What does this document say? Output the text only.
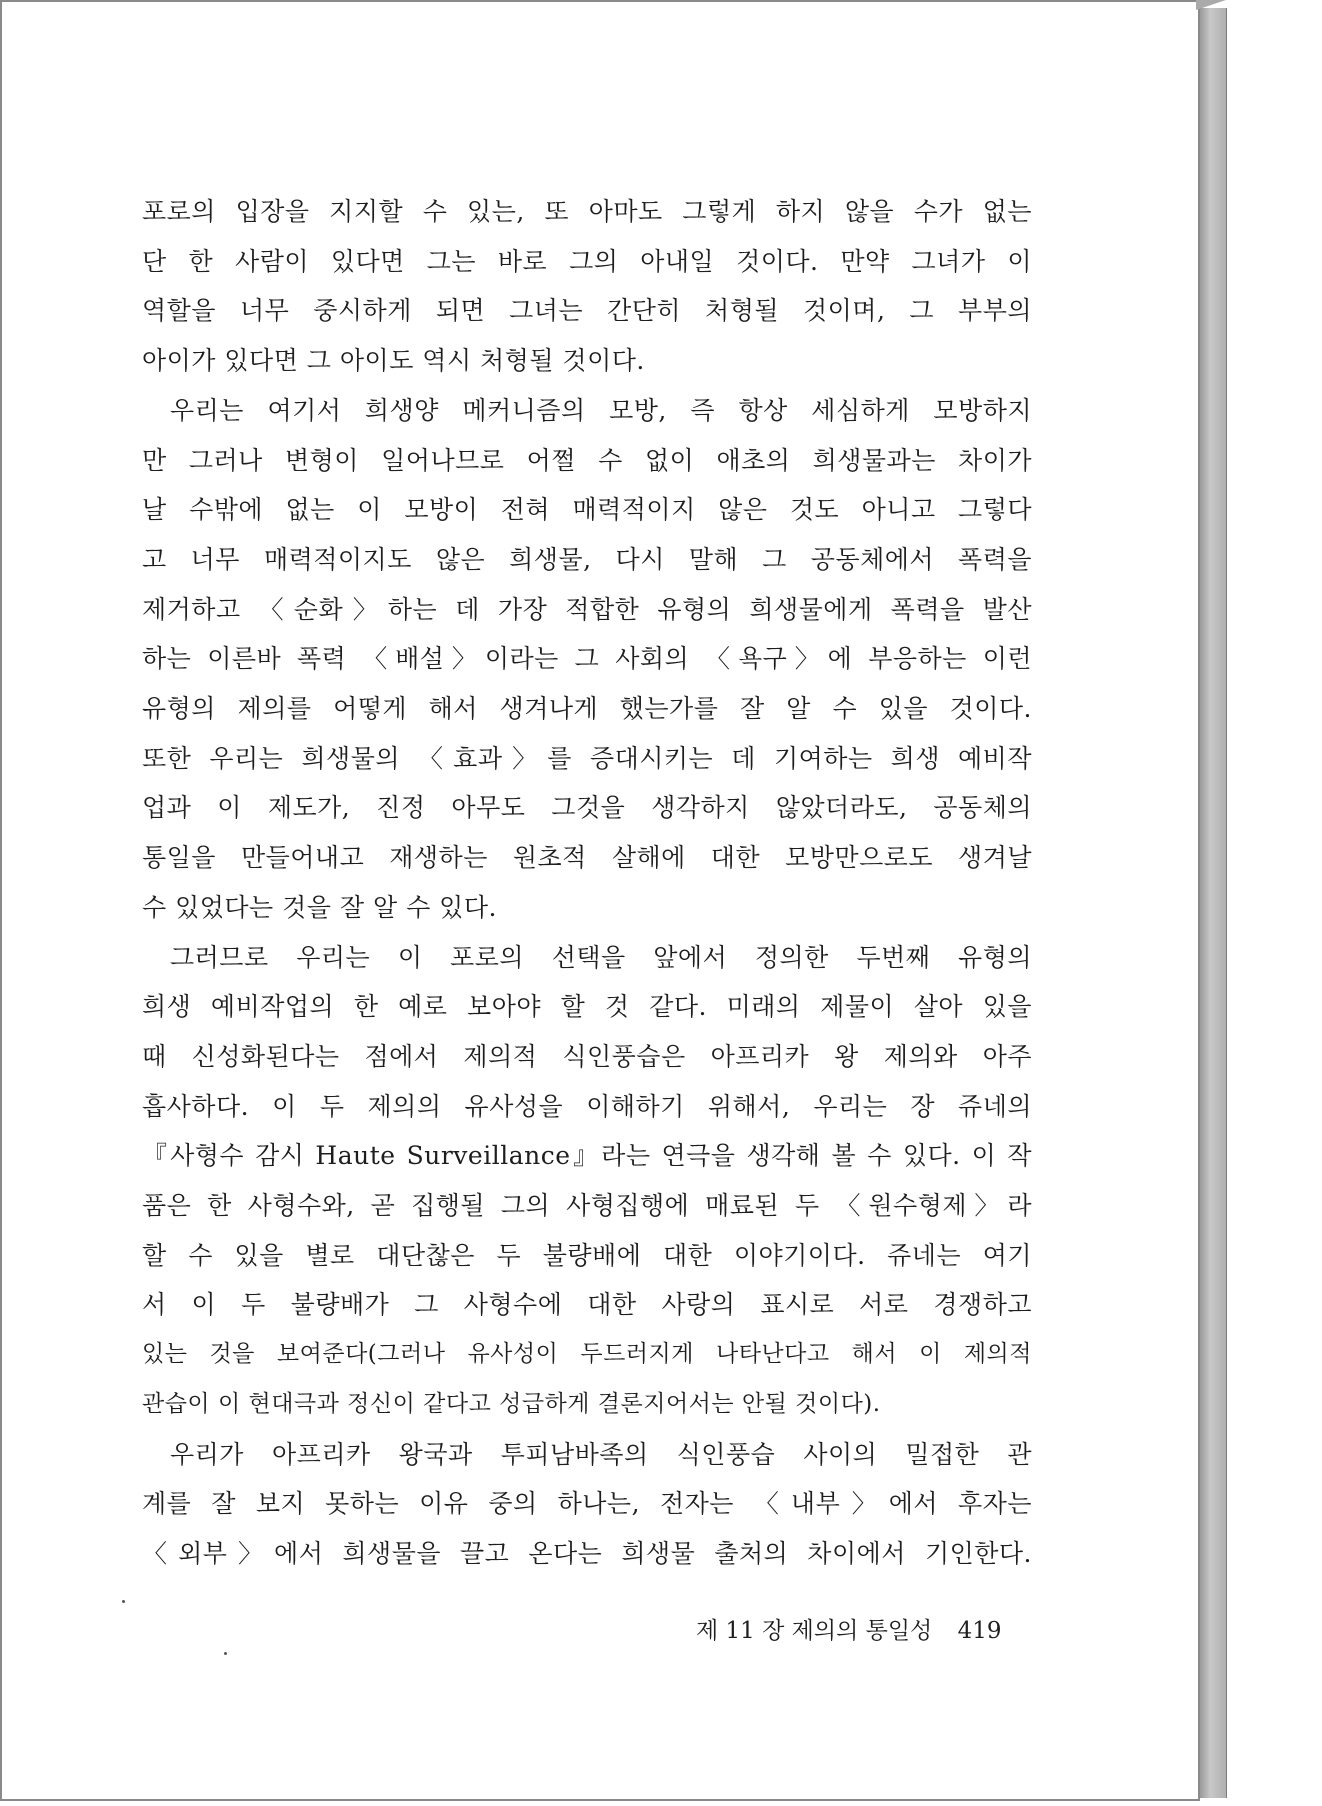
포로의 입장을 지지할 수 있는, 또 아마도 그렇게 하지 않을 수가 없는
단 한 사람이 있다면 그는 바로 그의 아내일 것이다. 만약 그녀가 이
역할을 너무 중시하게 되면 그녀는 간단히 처형될 것이며, 그 부부의
아이가 있다면 그 아이도 역시 처형될 것이다.
우리는 여기서 희생양 메커니즘의 모방, 즉 항상 세심하게 모방하지
만 그러나 변형이 일어나므로 어쩔 수 없이 애초의 희생물과는 차이가
날 수밖에 없는 이 모방이 전혀 매력적이지 않은 것도 아니고 그렇다
고 너무 매력적이지도 않은 희생물, 다시 말해 그 공동체에서 폭력을
제거하고 〈순화〉하는 데 가장 적합한 유형의 희생물에게 폭력을 발산
하는 이른바 폭력 〈배설〉이라는 그 사회의 〈욕구〉에 부응하는 이런
유형의 제의를 어떻게 해서 생겨나게 했는가를 잘 알 수 있을 것이다.
또한 우리는 희생물의 〈효과〉를 증대시키는 데 기여하는 희생 예비작
업과 이 제도가, 진정 아무도 그것을 생각하지 않았더라도, 공동체의
통일을 만들어내고 재생하는 원초적 살해에 대한 모방만으로도 생겨날
수 있었다는 것을 잘 알 수 있다.
그러므로 우리는 이 포로의 선택을 앞에서 정의한 두번째 유형의
희생 예비작업의 한 예로 보아야 할 것 같다. 미래의 제물이 살아 있을
때 신성화된다는 점에서 제의적 식인풍습은 아프리카 왕 제의와 아주
흡사하다. 이 두 제의의 유사성을 이해하기 위해서, 우리는 장 쥬네의
『사형수 감시 Haute Surveillance』라는 연극을 생각해 볼 수 있다. 이 작
품은 한 사형수와, 곧 집행될 그의 사형집행에 매료된 두 〈원수형제〉라
할 수 있을 별로 대단찮은 두 불량배에 대한 이야기이다. 쥬네는 여기
서 이 두 불량배가 그 사형수에 대한 사랑의 표시로 서로 경쟁하고
있는 것을 보여준다(그러나 유사성이 두드러지게 나타난다고 해서 이 제의적
관습이 이 현대극과 정신이 같다고 성급하게 결론지어서는 안될 것이다).
우리가 아프리카 왕국과 투피남바족의 식인풍습 사이의 밀접한 관
계를 잘 보지 못하는 이유 중의 하나는, 전자는 〈내부〉에서 후자는
〈외부〉에서 희생물을 끌고 온다는 희생물 출처의 차이에서 기인한다.
제 11 장 제의의 통일성 419
